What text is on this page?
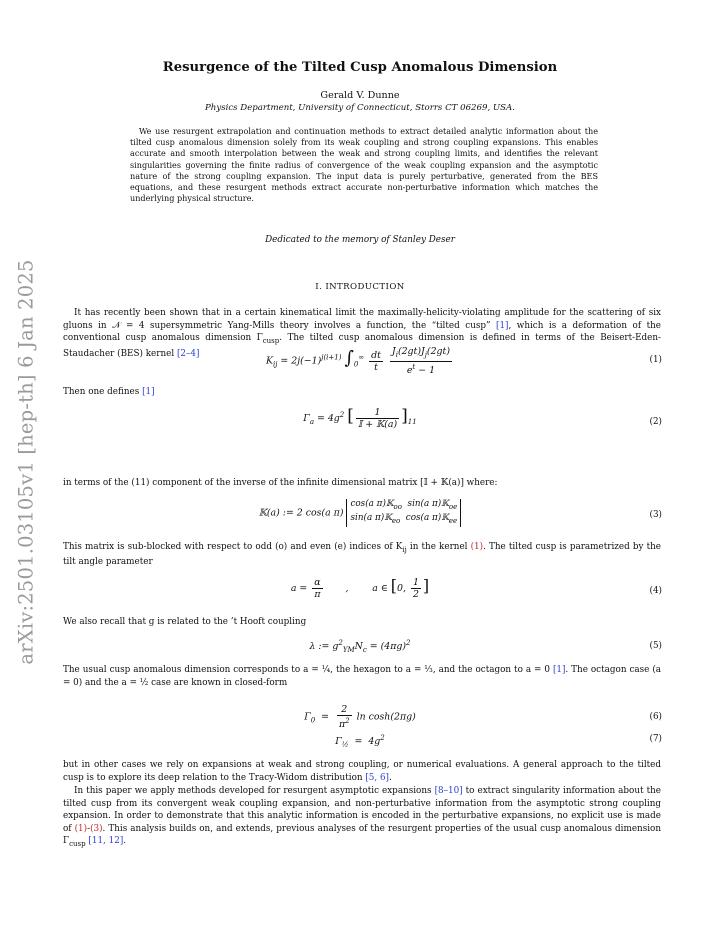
arXiv:2501.03105v1 [hep-th] 6 Jan 2025
Resurgence of the Tilted Cusp Anomalous Dimension
Gerald V. Dunne
Physics Department, University of Connecticut, Storrs CT 06269, USA.
We use resurgent extrapolation and continuation methods to extract detailed analytic information about the tilted cusp anomalous dimension solely from its weak coupling and strong coupling expansions. This enables accurate and smooth interpolation between the weak and strong coupling limits, and identifies the relevant singularities governing the finite radius of convergence of the weak coupling expansion and the asymptotic nature of the strong coupling expansion. The input data is purely perturbative, generated from the BES equations, and these resurgent methods extract accurate non-perturbative information which matches the underlying physical structure.
Dedicated to the memory of Stanley Deser
I. INTRODUCTION
It has recently been shown that in a certain kinematical limit the maximally-helicity-violating amplitude for the scattering of six gluons in 𝒩 = 4 supersymmetric Yang-Mills theory involves a function, the “tilted cusp” [1], which is a deformation of the conventional cusp anomalous dimension $\Gamma_{cusp}$. The tilted cusp anomalous dimension is defined in terms of the Beisert-Eden-Staudacher (BES) kernel [2–4]
$K_{ij} = 2j(-1)^{j(i+1)}$ $\int_0^\infty \frac{dt}{t}$
$\frac{J_i(2gt)J_j(2gt)}{e^t - 1}$	(1)
Then one defines [1]
$\Gamma_a = 4g^2$ [ $\frac{1}{\text{𝕀 + 𝕂(a)}} ]_{11}$	(2)
in terms of the (11) component of the inverse of the infinite dimensional matrix [𝕀 + 𝕂(a)] where:
𝕂(a) := 2 cos(a π) cos(a π)𝕂$_{oo}$  sin(a π)𝕂$_{oe}$
sin(a π)𝕂$_{eo}$  cos(a π)𝕂$_{ee}$
(3)
This matrix is sub-blocked with respect to odd (o) and even (e) indices of $K_{ij}$ in the kernel (1). The tilted cusp is parametrized by the tilt angle parameter
$a = \frac{\alpha}{\pi}$ ,        a ∈ [0, $\frac{1}{2}$ ]	(4)
We also recall that g is related to the ’t Hooft coupling
λ := $g^2_{YM}N_c = (4\pi g)^2$	(5)
The usual cusp anomalous dimension corresponds to a = ¼, the hexagon to a = ⅓, and the octagon to a = 0 [1]. The octagon case (a = 0) and the a = ½ case are known in closed-form
$\Gamma_0 = \frac{2}{\pi^2}$ ln cosh(2πg)	(6)
$\Gamma_{\frac{1}{2}} = 4g^2$	(7)
but in other cases we rely on expansions at weak and strong coupling, or numerical evaluations. A general approach to the tilted cusp is to explore its deep relation to the Tracy-Widom distribution [5, 6].
In this paper we apply methods developed for resurgent asymptotic expansions [8–10] to extract singularity information about the tilted cusp from its convergent weak coupling expansion, and non-perturbative information from the asymptotic strong coupling expansion. In order to demonstrate that this analytic information is encoded in the perturbative expansions, no explicit use is made of (1)-(3). This analysis builds on, and extends, previous analyses of the resurgent properties of the usual cusp anomalous dimension $\Gamma_{cusp}$ [11, 12].
